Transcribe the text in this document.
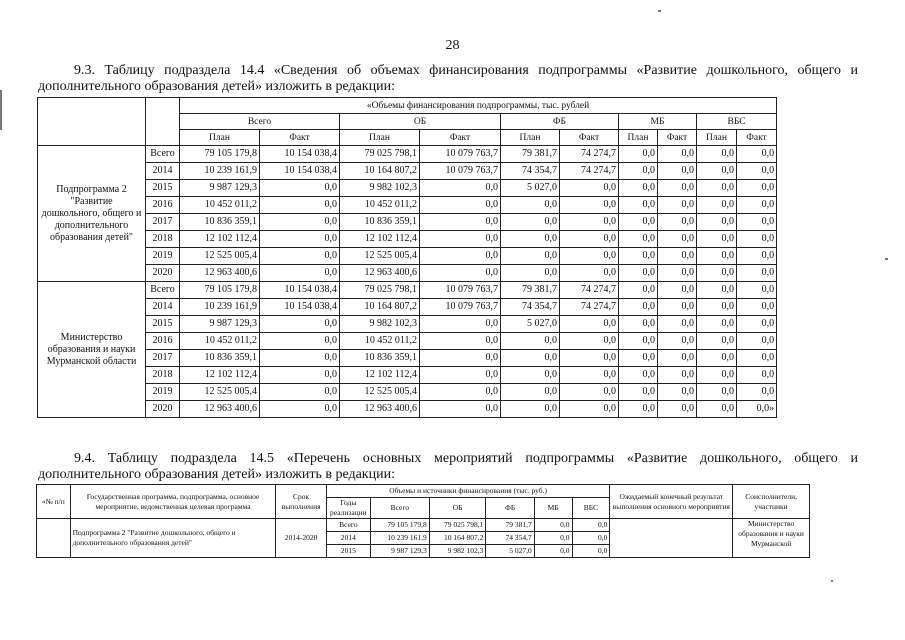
28
9.3. Таблицу подраздела 14.4 «Сведения об объемах финансирования подпрограммы «Развитие дошкольного, общего и дополнительного образования детей» изложить в редакции:
		«Объемы финансирования подпрограммы, тыс. рублей									
		Всего		ОБ		ФБ		МБ		ВБС	
		План	Факт	План	Факт	План	Факт	План	Факт	План	Факт
Подпрограмма 2 "Развитие дошкольного, общего и дополнительного образования детей"	Всего	79 105 179,8	10 154 038,4	79 025 798,1	10 079 763,7	79 381,7	74 274,7	0,0	0,0	0,0	0,0
	2014	10 239 161,9	10 154 038,4	10 164 807,2	10 079 763,7	74 354,7	74 274,7	0,0	0,0	0,0	0,0
	2015	9 987 129,3	0,0	9 982 102,3	0,0	5 027,0	0,0	0,0	0,0	0,0	0,0
	2016	10 452 011,2	0,0	10 452 011,2	0,0	0,0	0,0	0,0	0,0	0,0	0,0
	2017	10 836 359,1	0,0	10 836 359,1	0,0	0,0	0,0	0,0	0,0	0,0	0,0
	2018	12 102 112,4	0,0	12 102 112,4	0,0	0,0	0,0	0,0	0,0	0,0	0,0
	2019	12 525 005,4	0,0	12 525 005,4	0,0	0,0	0,0	0,0	0,0	0,0	0,0
	2020	12 963 400,6	0,0	12 963 400,6	0,0	0,0	0,0	0,0	0,0	0,0	0,0
Министерство образования и науки Мурманской области	Всего	79 105 179,8	10 154 038,4	79 025 798,1	10 079 763,7	79 381,7	74 274,7	0,0	0,0	0,0	0,0
	2014	10 239 161,9	10 154 038,4	10 164 807,2	10 079 763,7	74 354,7	74 274,7	0,0	0,0	0,0	0,0
	2015	9 987 129,3	0,0	9 982 102,3	0,0	5 027,0	0,0	0,0	0,0	0,0	0,0
	2016	10 452 011,2	0,0	10 452 011,2	0,0	0,0	0,0	0,0	0,0	0,0	0,0
	2017	10 836 359,1	0,0	10 836 359,1	0,0	0,0	0,0	0,0	0,0	0,0	0,0
	2018	12 102 112,4	0,0	12 102 112,4	0,0	0,0	0,0	0,0	0,0	0,0	0,0
	2019	12 525 005,4	0,0	12 525 005,4	0,0	0,0	0,0	0,0	0,0	0,0	0,0
	2020	12 963 400,6	0,0	12 963 400,6	0,0	0,0	0,0	0,0	0,0	0,0	0,0»
9.4. Таблицу подраздела 14.5 «Перечень основных мероприятий подпрограммы «Развитие дошкольного, общего и дополнительного образования детей» изложить в редакции:
«№ п/п	Государственная программа, подпрограмма, основное мероприятие, ведомственная целевая программа	Срок выполнения	Объемы и источники финансирования (тыс. руб.)						Ожидаемый конечный результат выполнения основного мероприятия	Соисполнители, участники
			Годы реализации	Всего	ОБ	ФБ	МБ	ВБС		
	Подпрограмма 2 "Развитие дошкольного, общего и дополнительного образования детей"	2014-2020	Всего	79 105 179,8	79 025 798,1	79 381,7	0,0	0,0		Министерство образования и науки Мурманской
			2014	10 239 161,9	10 164 807,2	74 354,7	0,0	0,0		
			2015	9 987 129,3	9 982 102,3	5 027,0	0,0	0,0		
